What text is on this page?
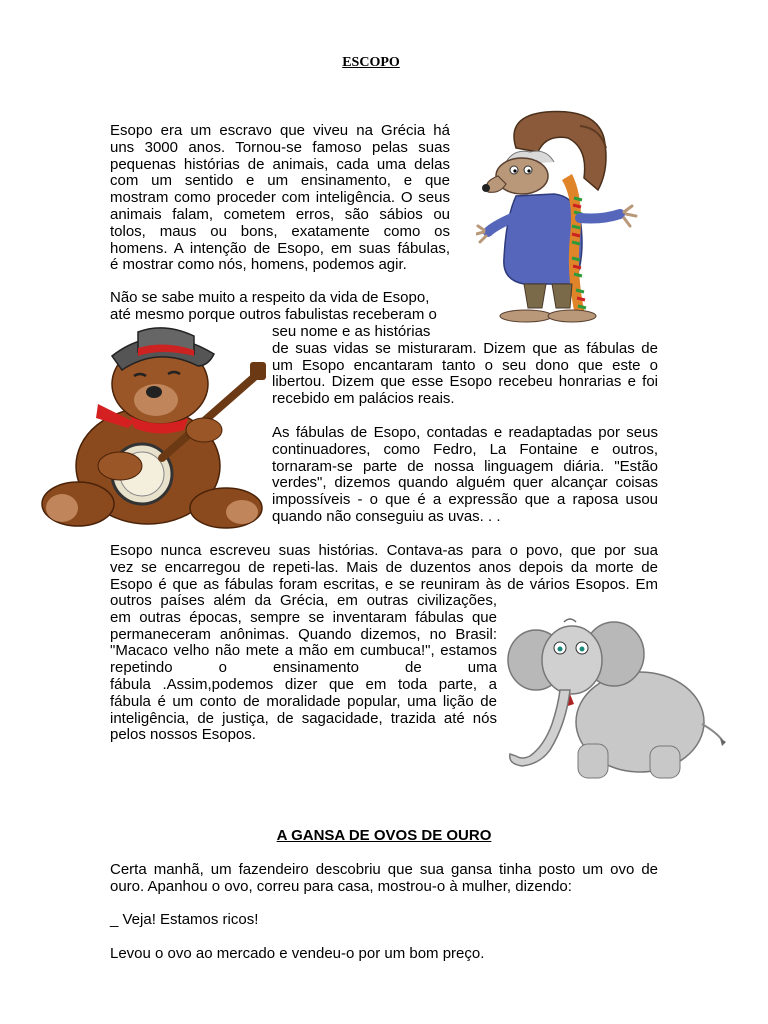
ESCOPO
Esopo era um escravo que viveu na Grécia há
uns 3000 anos. Tornou-se famoso pelas suas
pequenas histórias de animais, cada uma delas
com um sentido e um ensinamento, e que
mostram como proceder com inteligência. O seus
animais falam, cometem erros, são sábios ou
tolos, maus ou bons, exatamente como os
homens. A intenção de Esopo, em suas fábulas,
é mostrar como nós, homens, podemos agir.
Não se sabe muito a respeito da vida de Esopo,
até mesmo porque outros fabulistas receberam o
seu nome e as histórias
de suas vidas se misturaram. Dizem que as fábulas de
um Esopo encantaram tanto o seu dono que este o
libertou. Dizem que esse Esopo recebeu honrarias e foi
recebido em palácios reais.
As fábulas de Esopo, contadas e readaptadas por seus
continuadores, como Fedro, La Fontaine e outros,
tornaram-se parte de nossa linguagem diária. "Estão
verdes", dizemos quando alguém quer alcançar coisas
impossíveis - o que é a expressão que a raposa usou
quando não conseguiu as uvas. . .
Esopo nunca escreveu suas histórias. Contava-as para o povo, que por sua
vez se encarregou de repeti-las. Mais de duzentos anos depois da morte de
Esopo é que as fábulas foram escritas, e se reuniram às de vários Esopos. Em
outros países além da Grécia, em outras civilizações,
em outras épocas, sempre se inventaram fábulas que
permaneceram anônimas. Quando dizemos, no Brasil:
"Macaco velho não mete a mão em cumbuca!", estamos
repetindo o ensinamento de uma
fábula .Assim,podemos dizer que em toda parte, a
fábula é um conto de moralidade popular, uma lição de
inteligência, de justiça, de sagacidade, trazida até nós
pelos nossos Esopos.
A GANSA DE OVOS DE OURO

Certa manhã, um fazendeiro descobriu que sua gansa tinha posto um ovo de ouro. Apanhou o ovo, correu para casa, mostrou-o à mulher, dizendo:

_ Veja! Estamos ricos!

Levou o ovo ao mercado e vendeu-o por um bom preço.
